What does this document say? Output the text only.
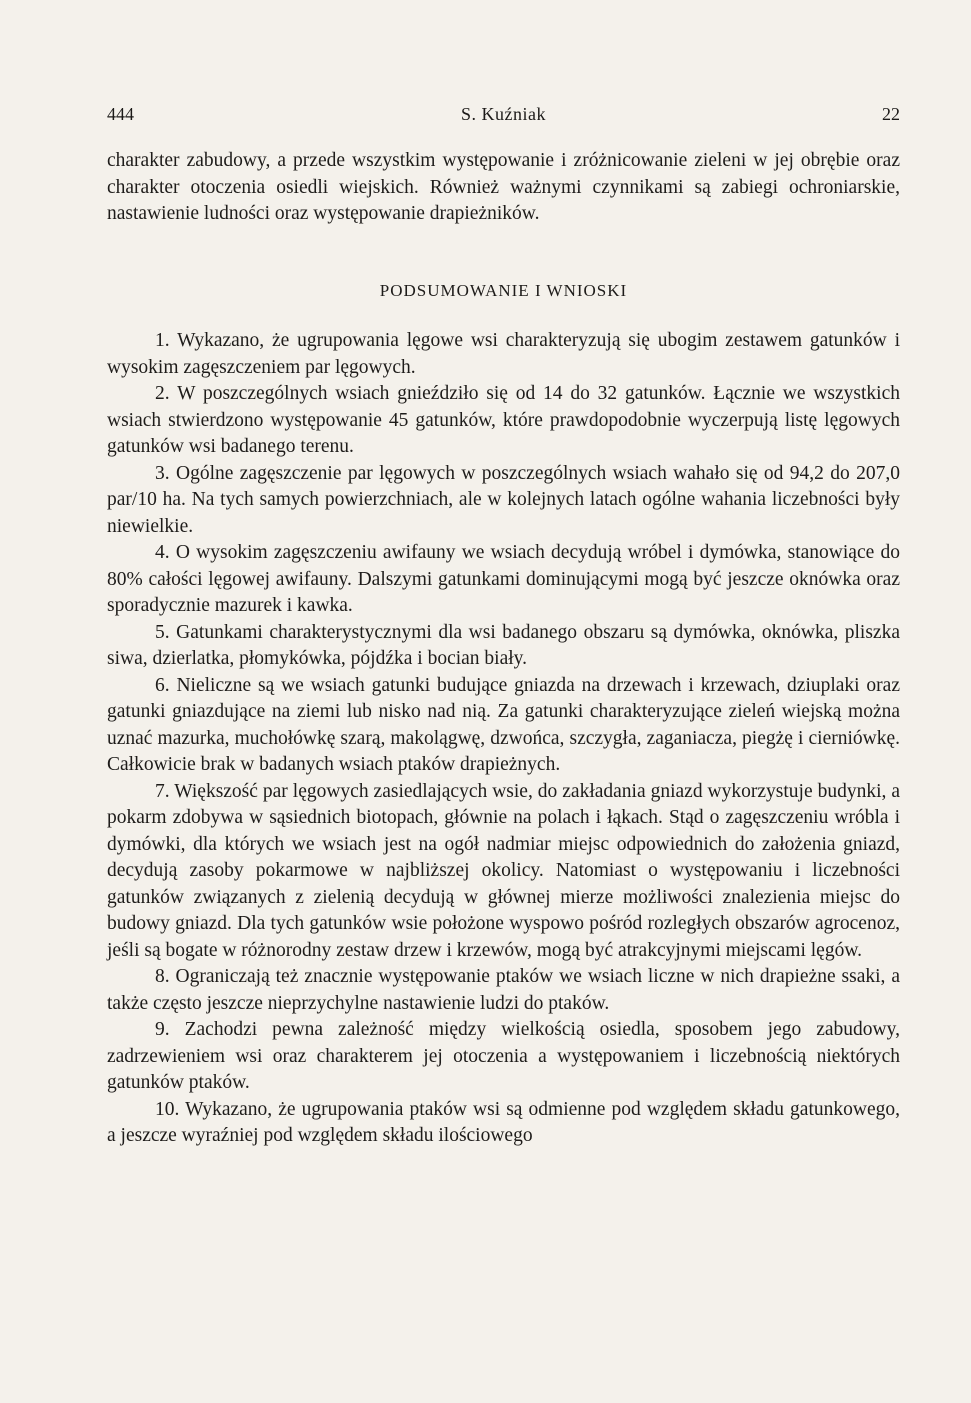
444	S. Kuźniak	22

charakter zabudowy, a przede wszystkim występowanie i zróżnicowanie zieleni w jej obrębie oraz charakter otoczenia osiedli wiejskich. Również ważnymi czynnikami są zabiegi ochroniarskie, nastawienie ludności oraz występowanie drapieżników.

PODSUMOWANIE I WNIOSKI

1. Wykazano, że ugrupowania lęgowe wsi charakteryzują się ubogim zestawem gatunków i wysokim zagęszczeniem par lęgowych.

2. W poszczególnych wsiach gnieździło się od 14 do 32 gatunków. Łącznie we wszystkich wsiach stwierdzono występowanie 45 gatunków, które prawdopodobnie wyczerpują listę lęgowych gatunków wsi badanego terenu.

3. Ogólne zagęszczenie par lęgowych w poszczególnych wsiach wahało się od 94,2 do 207,0 par/10 ha. Na tych samych powierzchniach, ale w kolejnych latach ogólne wahania liczebności były niewielkie.

4. O wysokim zagęszczeniu awifauny we wsiach decydują wróbel i dymówka, stanowiące do 80% całości lęgowej awifauny. Dalszymi gatunkami dominującymi mogą być jeszcze oknówka oraz sporadycznie mazurek i kawka.

5. Gatunkami charakterystycznymi dla wsi badanego obszaru są dymówka, oknówka, pliszka siwa, dzierlatka, płomykówka, pójdźka i bocian biały.

6. Nieliczne są we wsiach gatunki budujące gniazda na drzewach i krzewach, dziuplaki oraz gatunki gniazdujące na ziemi lub nisko nad nią. Za gatunki charakteryzujące zieleń wiejską można uznać mazurka, muchołówkę szarą, makolągwę, dzwońca, szczygła, zaganiacza, piegżę i cierniówkę. Całkowicie brak w badanych wsiach ptaków drapieżnych.

7. Większość par lęgowych zasiedlających wsie, do zakładania gniazd wykorzystuje budynki, a pokarm zdobywa w sąsiednich biotopach, głównie na polach i łąkach. Stąd o zagęszczeniu wróbla i dymówki, dla których we wsiach jest na ogół nadmiar miejsc odpowiednich do założenia gniazd, decydują zasoby pokarmowe w najbliższej okolicy. Natomiast o występowaniu i liczebności gatunków związanych z zielenią decydują w głównej mierze możliwości znalezienia miejsc do budowy gniazd. Dla tych gatunków wsie położone wyspowo pośród rozległych obszarów agrocenoz, jeśli są bogate w różnorodny zestaw drzew i krzewów, mogą być atrakcyjnymi miejscami lęgów.

8. Ograniczają też znacznie występowanie ptaków we wsiach liczne w nich drapieżne ssaki, a także często jeszcze nieprzychylne nastawienie ludzi do ptaków.

9. Zachodzi pewna zależność między wielkością osiedla, sposobem jego zabudowy, zadrzewieniem wsi oraz charakterem jej otoczenia a występowaniem i liczebnością niektórych gatunków ptaków.

10. Wykazano, że ugrupowania ptaków wsi są odmienne pod względem składu gatunkowego, a jeszcze wyraźniej pod względem składu ilościowego
